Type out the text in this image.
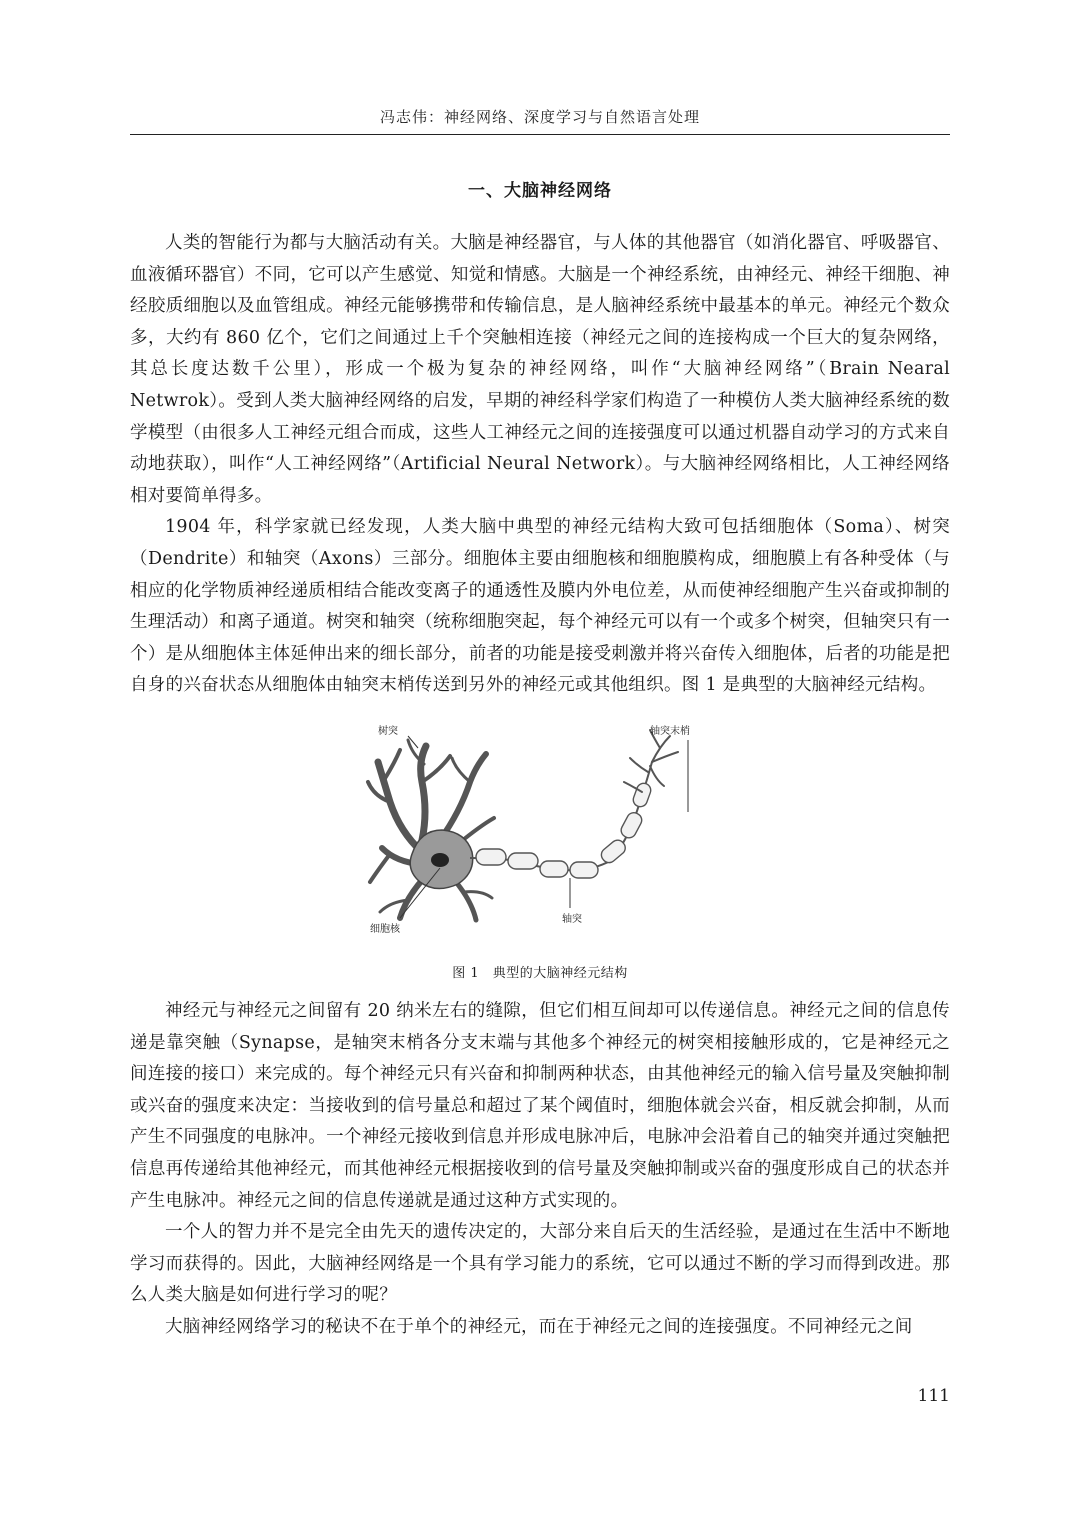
冯志伟：神经网络、深度学习与自然语言处理
一、大脑神经网络

人类的智能行为都与大脑活动有关。大脑是神经器官，与人体的其他器官（如消化器官、呼吸器官、血液循环器官）不同，它可以产生感觉、知觉和情感。大脑是一个神经系统，由神经元、神经干细胞、神经胶质细胞以及血管组成。神经元能够携带和传输信息，是人脑神经系统中最基本的单元。神经元个数众多，大约有 860 亿个，它们之间通过上千个突触相连接（神经元之间的连接构成一个巨大的复杂网络，其总长度达数千公里），形成一个极为复杂的神经网络，叫作“大脑神经网络”（Brain Nearal Netwrok）。受到人类大脑神经网络的启发，早期的神经科学家们构造了一种模仿人类大脑神经系统的数学模型（由很多人工神经元组合而成，这些人工神经元之间的连接强度可以通过机器自动学习的方式来自动地获取），叫作“人工神经网络”（Artificial Neural Network）。与大脑神经网络相比，人工神经网络相对要简单得多。

1904 年，科学家就已经发现，人类大脑中典型的神经元结构大致可包括细胞体（Soma）、树突（Dendrite）和轴突（Axons）三部分。细胞体主要由细胞核和细胞膜构成，细胞膜上有各种受体（与相应的化学物质神经递质相结合能改变离子的通透性及膜内外电位差，从而使神经细胞产生兴奋或抑制的生理活动）和离子通道。树突和轴突（统称细胞突起，每个神经元可以有一个或多个树突，但轴突只有一个）是从细胞体主体延伸出来的细长部分，前者的功能是接受刺激并将兴奋传入细胞体，后者的功能是把自身的兴奋状态从细胞体由轴突末梢传送到另外的神经元或其他组织。图 1 是典型的大脑神经元结构。

树突	轴突末梢
轴突
细胞核
图 1　典型的大脑神经元结构

神经元与神经元之间留有 20 纳米左右的缝隙，但它们相互间却可以传递信息。神经元之间的信息传递是靠突触（Synapse，是轴突末梢各分支末端与其他多个神经元的树突相接触形成的，它是神经元之间连接的接口）来完成的。每个神经元只有兴奋和抑制两种状态，由其他神经元的输入信号量及突触抑制或兴奋的强度来决定：当接收到的信号量总和超过了某个阈值时，细胞体就会兴奋，相反就会抑制，从而产生不同强度的电脉冲。一个神经元接收到信息并形成电脉冲后，电脉冲会沿着自己的轴突并通过突触把信息再传递给其他神经元，而其他神经元根据接收到的信号量及突触抑制或兴奋的强度形成自己的状态并产生电脉冲。神经元之间的信息传递就是通过这种方式实现的。

一个人的智力并不是完全由先天的遗传决定的，大部分来自后天的生活经验，是通过在生活中不断地学习而获得的。因此，大脑神经网络是一个具有学习能力的系统，它可以通过不断的学习而得到改进。那么人类大脑是如何进行学习的呢？

大脑神经网络学习的秘诀不在于单个的神经元，而在于神经元之间的连接强度。不同神经元之间

111
